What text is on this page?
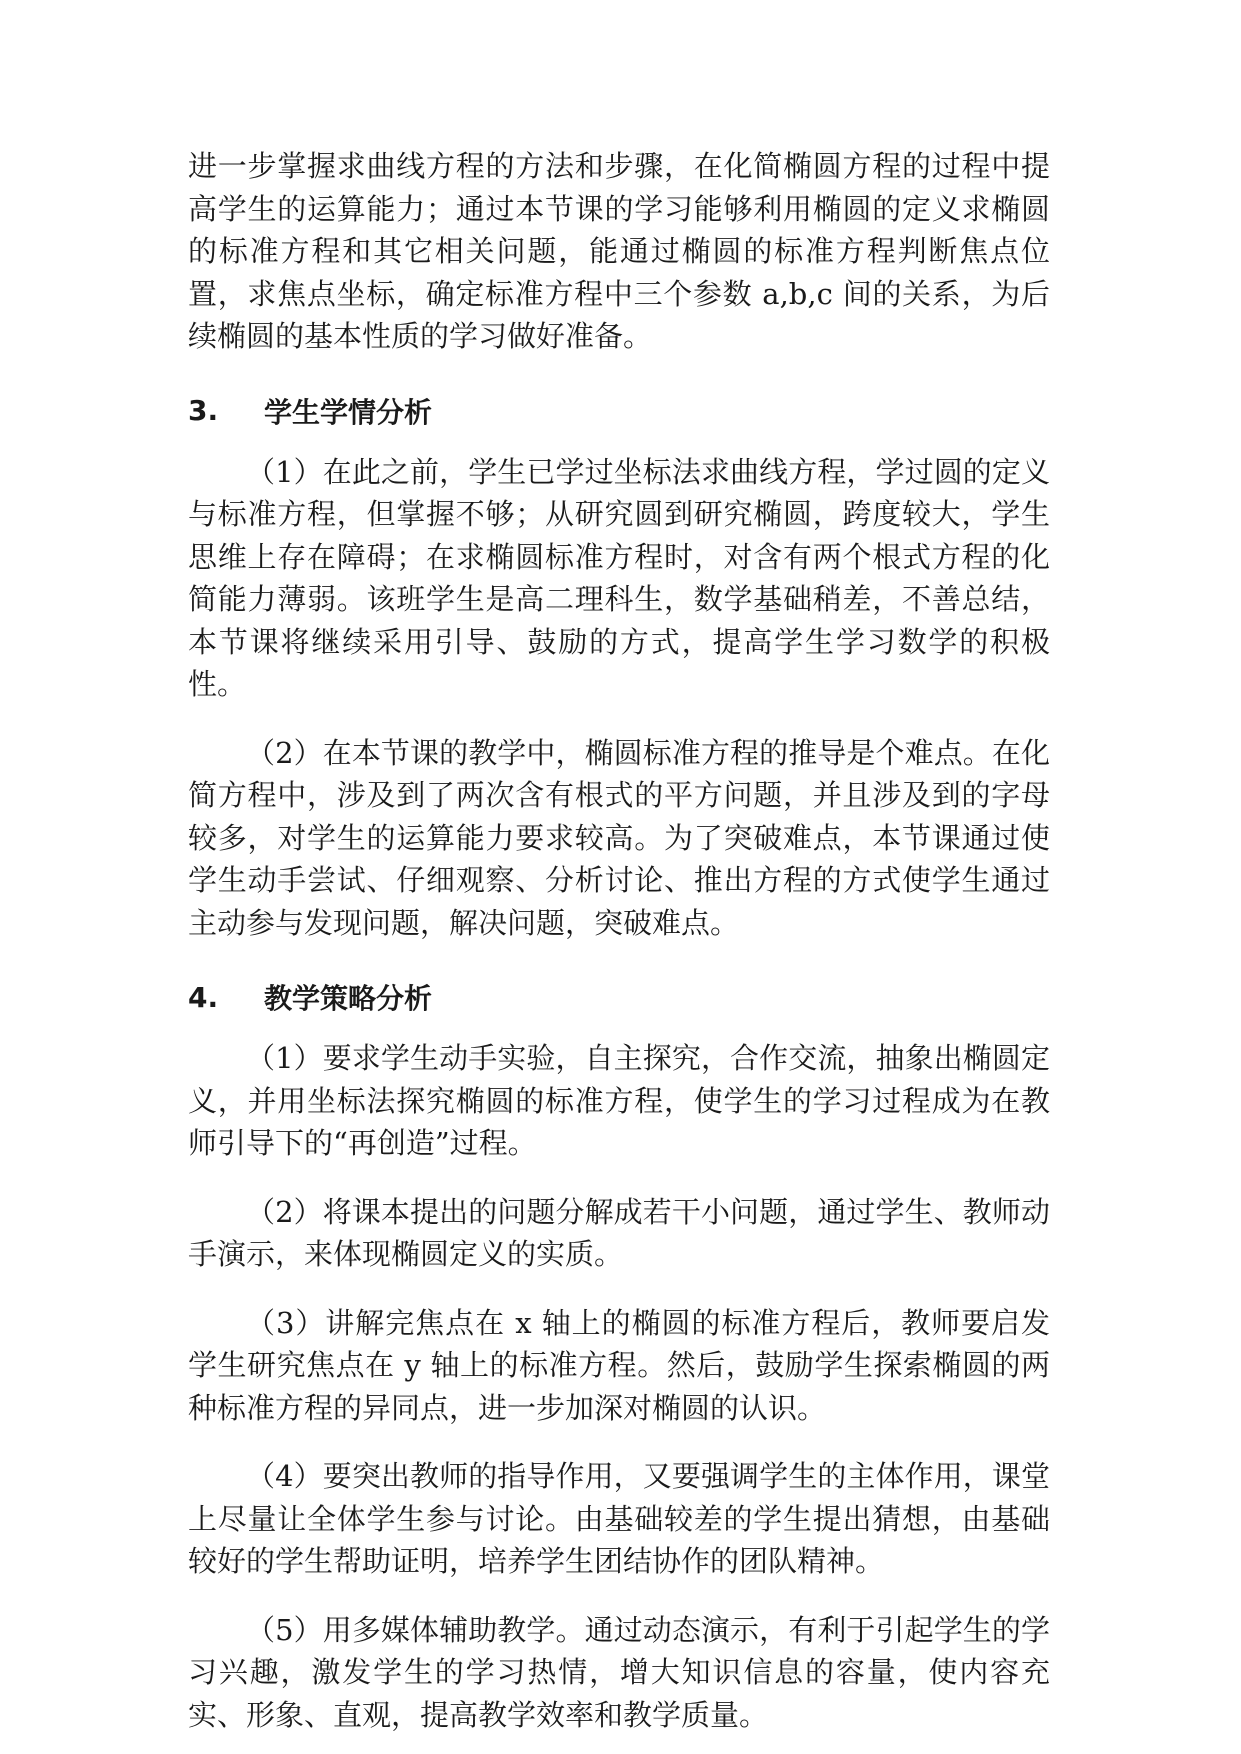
进一步掌握求曲线方程的方法和步骤，在化简椭圆方程的过程中提高学生的运算能力；通过本节课的学习能够利用椭圆的定义求椭圆的标准方程和其它相关问题，能通过椭圆的标准方程判断焦点位置，求焦点坐标，确定标准方程中三个参数 a,b,c 间的关系，为后续椭圆的基本性质的学习做好准备。

3.	学生学情分析

（1）在此之前，学生已学过坐标法求曲线方程，学过圆的定义与标准方程，但掌握不够；从研究圆到研究椭圆，跨度较大，学生思维上存在障碍；在求椭圆标准方程时，对含有两个根式方程的化简能力薄弱。该班学生是高二理科生，数学基础稍差，不善总结，本节课将继续采用引导、鼓励的方式，提高学生学习数学的积极性。

（2）在本节课的教学中，椭圆标准方程的推导是个难点。在化简方程中，涉及到了两次含有根式的平方问题，并且涉及到的字母较多，对学生的运算能力要求较高。为了突破难点，本节课通过使学生动手尝试、仔细观察、分析讨论、推出方程的方式使学生通过主动参与发现问题，解决问题，突破难点。

4.	教学策略分析

（1）要求学生动手实验，自主探究，合作交流，抽象出椭圆定义，并用坐标法探究椭圆的标准方程，使学生的学习过程成为在教师引导下的“再创造”过程。

（2）将课本提出的问题分解成若干小问题，通过学生、教师动手演示，来体现椭圆定义的实质。

（3）讲解完焦点在 x 轴上的椭圆的标准方程后，教师要启发学生研究焦点在 y 轴上的标准方程。然后，鼓励学生探索椭圆的两种标准方程的异同点，进一步加深对椭圆的认识。

（4）要突出教师的指导作用，又要强调学生的主体作用，课堂上尽量让全体学生参与讨论。由基础较差的学生提出猜想，由基础较好的学生帮助证明，培养学生团结协作的团队精神。

（5）用多媒体辅助教学。通过动态演示，有利于引起学生的学习兴趣，激发学生的学习热情，增大知识信息的容量，使内容充实、形象、直观，提高教学效率和教学质量。
